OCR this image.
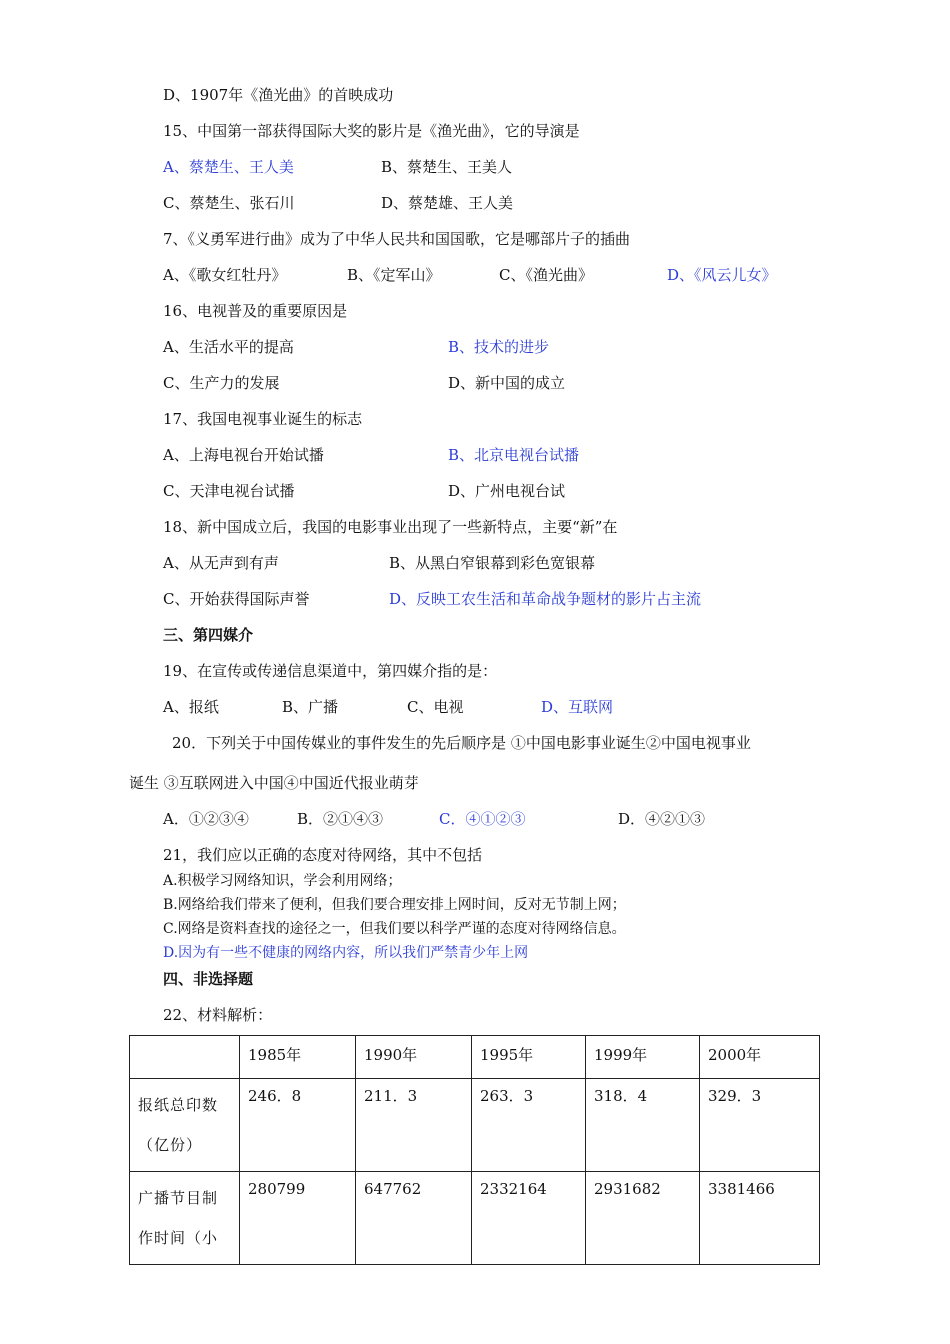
D、1907年《渔光曲》的首映成功
15、中国第一部获得国际大奖的影片是《渔光曲》，它的导演是
A、蔡楚生、王人美	B、蔡楚生、王美人
C、蔡楚生、张石川	D、蔡楚雄、王人美
7、《义勇军进行曲》成为了中华人民共和国国歌，它是哪部片子的插曲
A、《歌女红牡丹》	B、《定军山》	C、《渔光曲》	D、《风云儿女》
16、电视普及的重要原因是
A、生活水平的提高	B、技术的进步
C、生产力的发展	D、新中国的成立
17、我国电视事业诞生的标志
A、上海电视台开始试播	B、北京电视台试播
C、天津电视台试播	D、广州电视台试
18、新中国成立后，我国的电影事业出现了一些新特点，主要“新”在
A、从无声到有声	B、从黑白窄银幕到彩色宽银幕
C、开始获得国际声誉	D、反映工农生活和革命战争题材的影片占主流
三、第四媒介
19、在宣传或传递信息渠道中，第四媒介指的是：
A、报纸	B、广播	C、电视	D、互联网
20．下列关于中国传媒业的事件发生的先后顺序是 ①中国电影事业诞生②中国电视事业
诞生 ③互联网进入中国④中国近代报业萌芽
A．①②③④	B．②①④③	C．④①②③	D．④②①③
21，我们应以正确的态度对待网络，其中不包括
A.积极学习网络知识，学会利用网络；
B.网络给我们带来了便利，但我们要合理安排上网时间，反对无节制上网；
C.网络是资料查找的途径之一，但我们要以科学严谨的态度对待网络信息。
D.因为有一些不健康的网络内容，所以我们严禁青少年上网
四、非选择题
22、材料解析：
	1985年	1990年	1995年	1999年	2000年
报纸总印数（亿份）	246．8	211．3	263．3	318．4	329．3
广播节目制作时间（小	280799	647762	2332164	2931682	3381466
